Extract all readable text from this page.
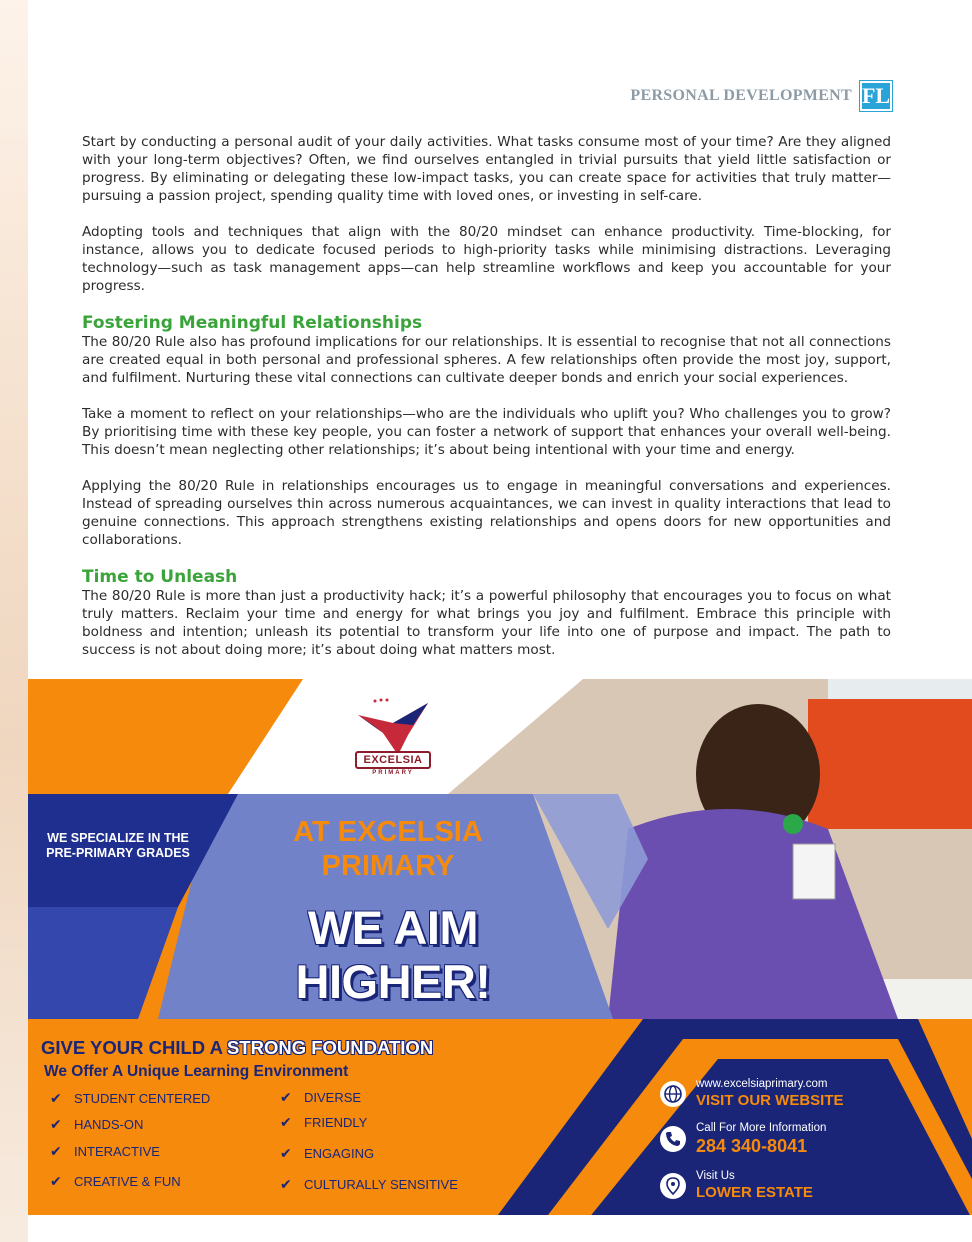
PERSONAL DEVELOPMENT FL

Start by conducting a personal audit of your daily activities. What tasks consume most of your time? Are they aligned with your long-term objectives? Often, we find ourselves entangled in trivial pursuits that yield little satisfaction or progress. By eliminating or delegating these low-impact tasks, you can create space for activities that truly matter—pursuing a passion project, spending quality time with loved ones, or investing in self-care.

Adopting tools and techniques that align with the 80/20 mindset can enhance productivity. Time-blocking, for instance, allows you to dedicate focused periods to high-priority tasks while minimising distractions. Leveraging technology—such as task management apps—can help streamline workflows and keep you accountable for your progress.

Fostering Meaningful Relationships

The 80/20 Rule also has profound implications for our relationships. It is essential to recognise that not all connections are created equal in both personal and professional spheres. A few relationships often provide the most joy, support, and fulfilment. Nurturing these vital connections can cultivate deeper bonds and enrich your social experiences.

Take a moment to reflect on your relationships—who are the individuals who uplift you? Who challenges you to grow? By prioritising time with these key people, you can foster a network of support that enhances your overall well-being. This doesn’t mean neglecting other relationships; it’s about being intentional with your time and energy.

Applying the 80/20 Rule in relationships encourages us to engage in meaningful conversations and experiences. Instead of spreading ourselves thin across numerous acquaintances, we can invest in quality interactions that lead to genuine connections. This approach strengthens existing relationships and opens doors for new opportunities and collaborations.

Time to Unleash

The 80/20 Rule is more than just a productivity hack; it’s a powerful philosophy that encourages you to focus on what truly matters. Reclaim your time and energy for what brings you joy and fulfilment. Embrace this principle with boldness and intention; unleash its potential to transform your life into one of purpose and impact. The path to success is not about doing more; it’s about doing what matters most.

EXCELSIA
PRIMARY
WE SPECIALIZE IN THE PRE-PRIMARY GRADES
AT EXCELSIA PRIMARY
WE AIM
HIGHER!
GIVE YOUR CHILD A STRONG FOUNDATION
We Offer A Unique Learning Environment
✔ STUDENT CENTERED
✔ HANDS-ON
✔ INTERACTIVE
✔ CREATIVE & FUN
✔ DIVERSE
✔ FRIENDLY
✔ ENGAGING
✔ CULTURALLY SENSITIVE
www.excelsiaprimary.com
VISIT OUR WEBSITE
Call For More Information
284 340-8041
Visit Us
LOWER ESTATE
